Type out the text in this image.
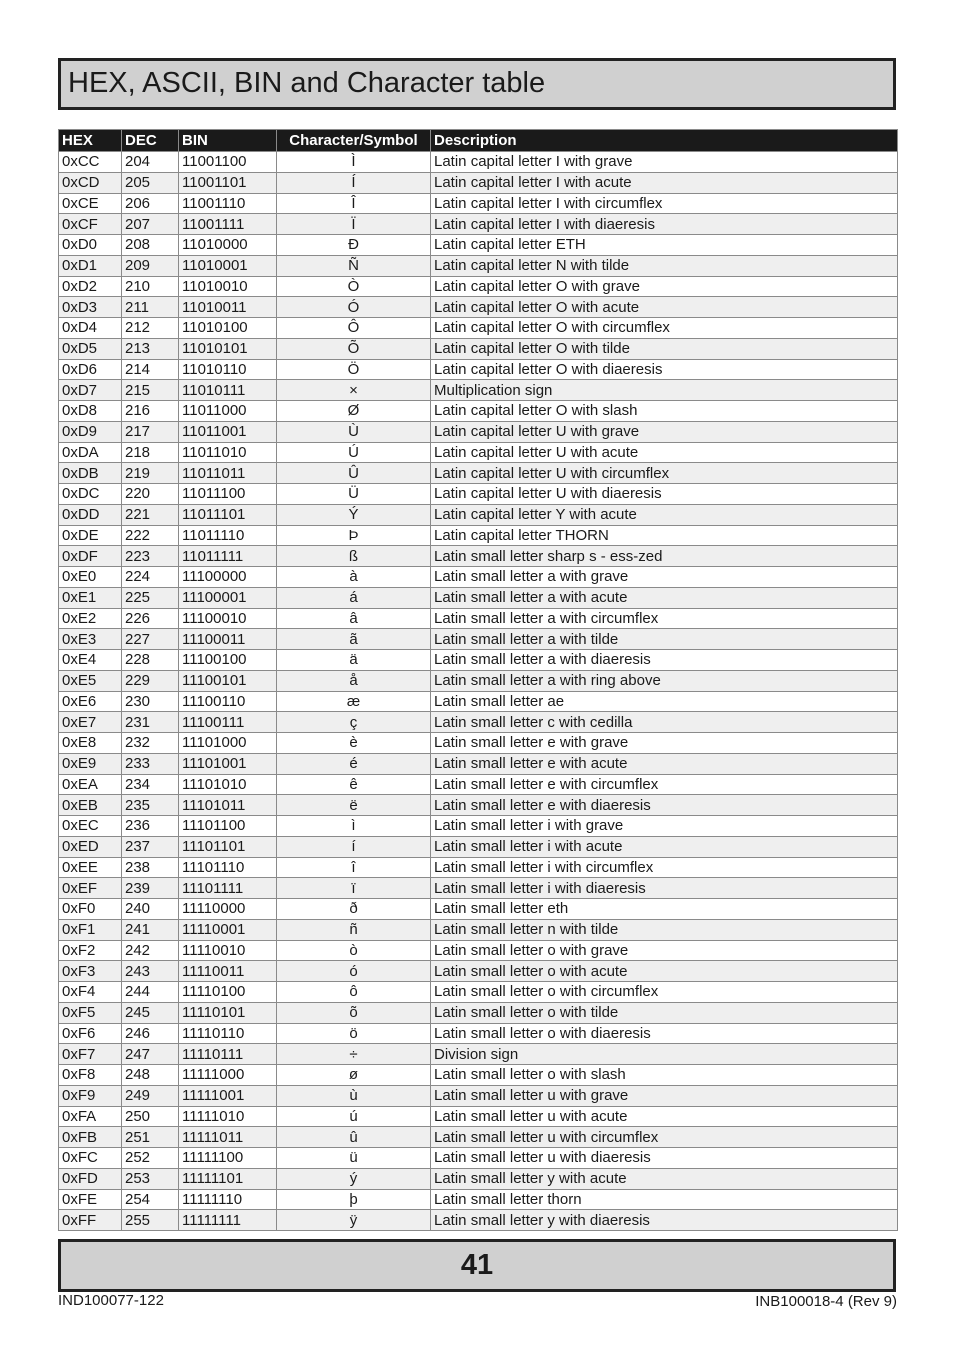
HEX, ASCII, BIN and Character table
HEX	DEC	BIN	Character/Symbol	Description
0xCC	204	11001100	Ì	Latin capital letter I with grave
0xCD	205	11001101	Í	Latin capital letter I with acute
0xCE	206	11001110	Î	Latin capital letter I with circumflex
0xCF	207	11001111	Ï	Latin capital letter I with diaeresis
0xD0	208	11010000	Ð	Latin capital letter ETH
0xD1	209	11010001	Ñ	Latin capital letter N with tilde
0xD2	210	11010010	Ò	Latin capital letter O with grave
0xD3	211	11010011	Ó	Latin capital letter O with acute
0xD4	212	11010100	Ô	Latin capital letter O with circumflex
0xD5	213	11010101	Õ	Latin capital letter O with tilde
0xD6	214	11010110	Ö	Latin capital letter O with diaeresis
0xD7	215	11010111	×	Multiplication sign
0xD8	216	11011000	Ø	Latin capital letter O with slash
0xD9	217	11011001	Ù	Latin capital letter U with grave
0xDA	218	11011010	Ú	Latin capital letter U with acute
0xDB	219	11011011	Û	Latin capital letter U with circumflex
0xDC	220	11011100	Ü	Latin capital letter U with diaeresis
0xDD	221	11011101	Ý	Latin capital letter Y with acute
0xDE	222	11011110	Þ	Latin capital letter THORN
0xDF	223	11011111	ß	Latin small letter sharp s - ess-zed
0xE0	224	11100000	à	Latin small letter a with grave
0xE1	225	11100001	á	Latin small letter a with acute
0xE2	226	11100010	â	Latin small letter a with circumflex
0xE3	227	11100011	ã	Latin small letter a with tilde
0xE4	228	11100100	ä	Latin small letter a with diaeresis
0xE5	229	11100101	å	Latin small letter a with ring above
0xE6	230	11100110	æ	Latin small letter ae
0xE7	231	11100111	ç	Latin small letter c with cedilla
0xE8	232	11101000	è	Latin small letter e with grave
0xE9	233	11101001	é	Latin small letter e with acute
0xEA	234	11101010	ê	Latin small letter e with circumflex
0xEB	235	11101011	ë	Latin small letter e with diaeresis
0xEC	236	11101100	ì	Latin small letter i with grave
0xED	237	11101101	í	Latin small letter i with acute
0xEE	238	11101110	î	Latin small letter i with circumflex
0xEF	239	11101111	ï	Latin small letter i with diaeresis
0xF0	240	11110000	ð	Latin small letter eth
0xF1	241	11110001	ñ	Latin small letter n with tilde
0xF2	242	11110010	ò	Latin small letter o with grave
0xF3	243	11110011	ó	Latin small letter o with acute
0xF4	244	11110100	ô	Latin small letter o with circumflex
0xF5	245	11110101	õ	Latin small letter o with tilde
0xF6	246	11110110	ö	Latin small letter o with diaeresis
0xF7	247	11110111	÷	Division sign
0xF8	248	11111000	ø	Latin small letter o with slash
0xF9	249	11111001	ù	Latin small letter u with grave
0xFA	250	11111010	ú	Latin small letter u with acute
0xFB	251	11111011	û	Latin small letter u with circumflex
0xFC	252	11111100	ü	Latin small letter u with diaeresis
0xFD	253	11111101	ý	Latin small letter y with acute
0xFE	254	11111110	þ	Latin small letter thorn
0xFF	255	11111111	ÿ	Latin small letter y with diaeresis
41
IND100077-122	INB100018-4 (Rev 9)
